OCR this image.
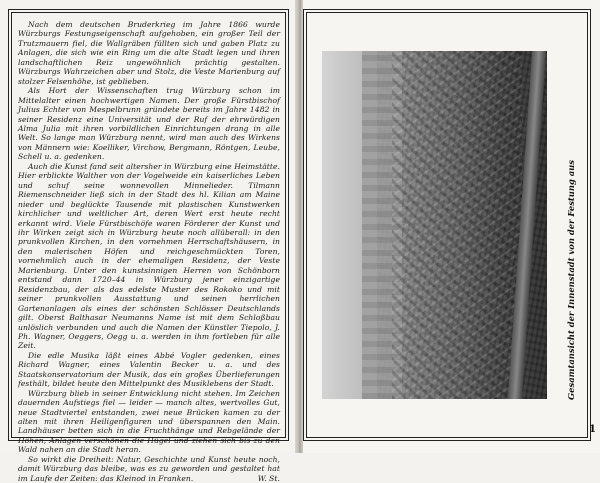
Nach dem deutschen Bruderkrieg im Jahre 1866 wurde Würzburgs Festungseigenschaft aufgehoben, ein großer Teil der Trutzmauern fiel, die Wallgräben füllten sich und gaben Platz zu Anlagen, die sich wie ein Ring um die alte Stadt legen und ihren landschaftlichen Reiz ungewöhnlich prächtig gestalten. Würzburgs Wahrzeichen aber und Stolz, die Veste Marienburg auf stolzer Felsenhöhe, ist geblieben.

Als Hort der Wissenschaften trug Würzburg schon im Mittelalter einen hochwertigen Namen. Der große Fürstbischof Julius Echter von Mespelbrunn gründete bereits im Jahre 1482 in seiner Residenz eine Universität und der Ruf der ehrwürdigen Alma Julia mit ihren vorbildlichen Einrichtungen drang in alle Welt. So lange man Würzburg nennt, wird man auch des Wirkens von Männern wie: Koelliker, Virchow, Bergmann, Röntgen, Leube, Schell u. a. gedenken.

Auch die Kunst fand seit altersher in Würzburg eine Heimstätte. Hier erblickte Walther von der Vogelweide ein kaiserliches Leben und schuf seine wonnevollen Minnelieder. Tilmann Riemenschneider ließ sich in der Stadt des hl. Kilian am Maine nieder und beglückte Tausende mit plastischen Kunstwerken kirchlicher und weltlicher Art, deren Wert erst heute recht erkannt wird. Viele Fürstbischöfe waren Förderer der Kunst und ihr Wirken zeigt sich in Würzburg heute noch allüberall: in den prunkvollen Kirchen, in den vornehmen Herrschaftshäusern, in den malerischen Höfen und reichgeschmückten Toren, vornehmlich auch in der ehemaligen Residenz, der Veste Marienburg. Unter den kunstsinnigen Herren von Schönborn entstand dann 1720–44 in Würzburg jener einzigartige Residenzbau, der als das edelste Muster des Rokoko und mit seiner prunkvollen Ausstattung und seinen herrlichen Gartenanlagen als eines der schönsten Schlösser Deutschlands gilt. Oberst Balthasar Neumanns Name ist mit dem Schloßbau unlöslich verbunden und auch die Namen der Künstler Tiepolo, J. Ph. Wagner, Oeggers, Oegg u. a. werden in ihm fortleben für alle Zeit.

Die edle Musika läßt eines Abbé Vogler gedenken, eines Richard Wagner, eines Valentin Becker u. a. und des Staatskonservatorium der Musik, das ein großes Überlieferungen festhält, bildet heute den Mittelpunkt des Musiklebens der Stadt.

Würzburg blieb in seiner Entwicklung nicht stehen. Im Zeichen dauernden Aufstiegs fiel — leider — manch altes, wertvolles Gut, neue Stadtviertel entstanden, zwei neue Brücken kamen zu der alten mit ihren Heiligenfiguren und überspannen den Main. Landhäuser betten sich in die Fruchthänge und Rebgelände der Höhen, Anlagen verschönen die Hügel und ziehen sich bis zu den Wald nahen an die Stadt heran.

So wirkt die Dreiheit: Natur, Geschichte und Kunst heute noch, damit Würzburg das bleibe, was es zu geworden und gestaltet hat im Laufe der Zeiten: das Kleinod in Franken.	W. St.
Gesamtansicht der Innenstadt von der Festung aus
1
